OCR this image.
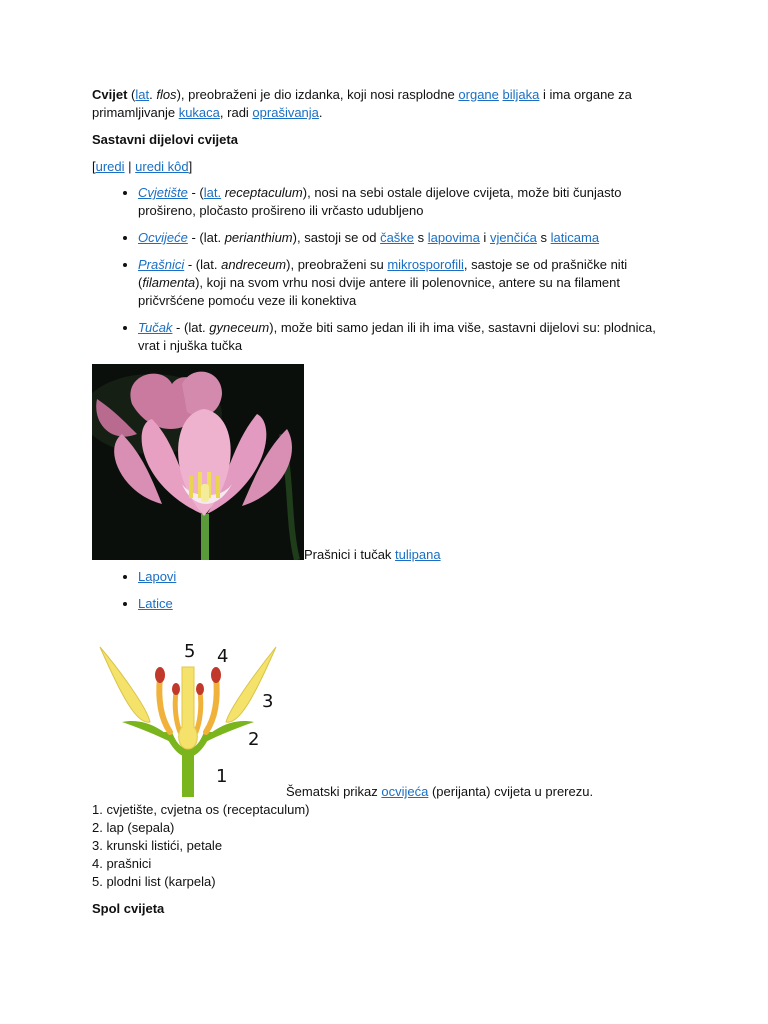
Cvijet (lat. flos), preobraženi je dio izdanka, koji nosi rasplodne organe biljaka i ima organe za primamljivanje kukaca, radi oprašivanja.

Sastavni dijelovi cvijeta

[uredi | uredi kôd]

• Cvjetište - (lat. receptaculum), nosi na sebi ostale dijelove cvijeta, može biti čunjasto prošireno, pločasto prošireno ili vrčasto udubljeno
• Ocvijeće - (lat. perianthium), sastoji se od čaške s lapovima i vjenčića s laticama
• Prašnici - (lat. andreceum), preobraženi su mikrosporofili, sastoje se od prašničke niti (filamenta), koji na svom vrhu nosi dvije antere ili polenovnice, antere su na filament pričvršćene pomoću veze ili konektiva
• Tučak - (lat. gyneceum), može biti samo jedan ili ih ima više, sastavni dijelovi su: plodnica, vrat i njuška tučka
Prašnici i tučak tulipana
• Lapovi
• Latice
1
2
3
4
5
Šematski prikaz ocvijeća (perijanta) cvijeta u prerezu.
1. cvjetište, cvjetna os (receptaculum)
2. lap (sepala)
3. krunski listići, petale
4. prašnici
5. plodni list (karpela)

Spol cvijeta
